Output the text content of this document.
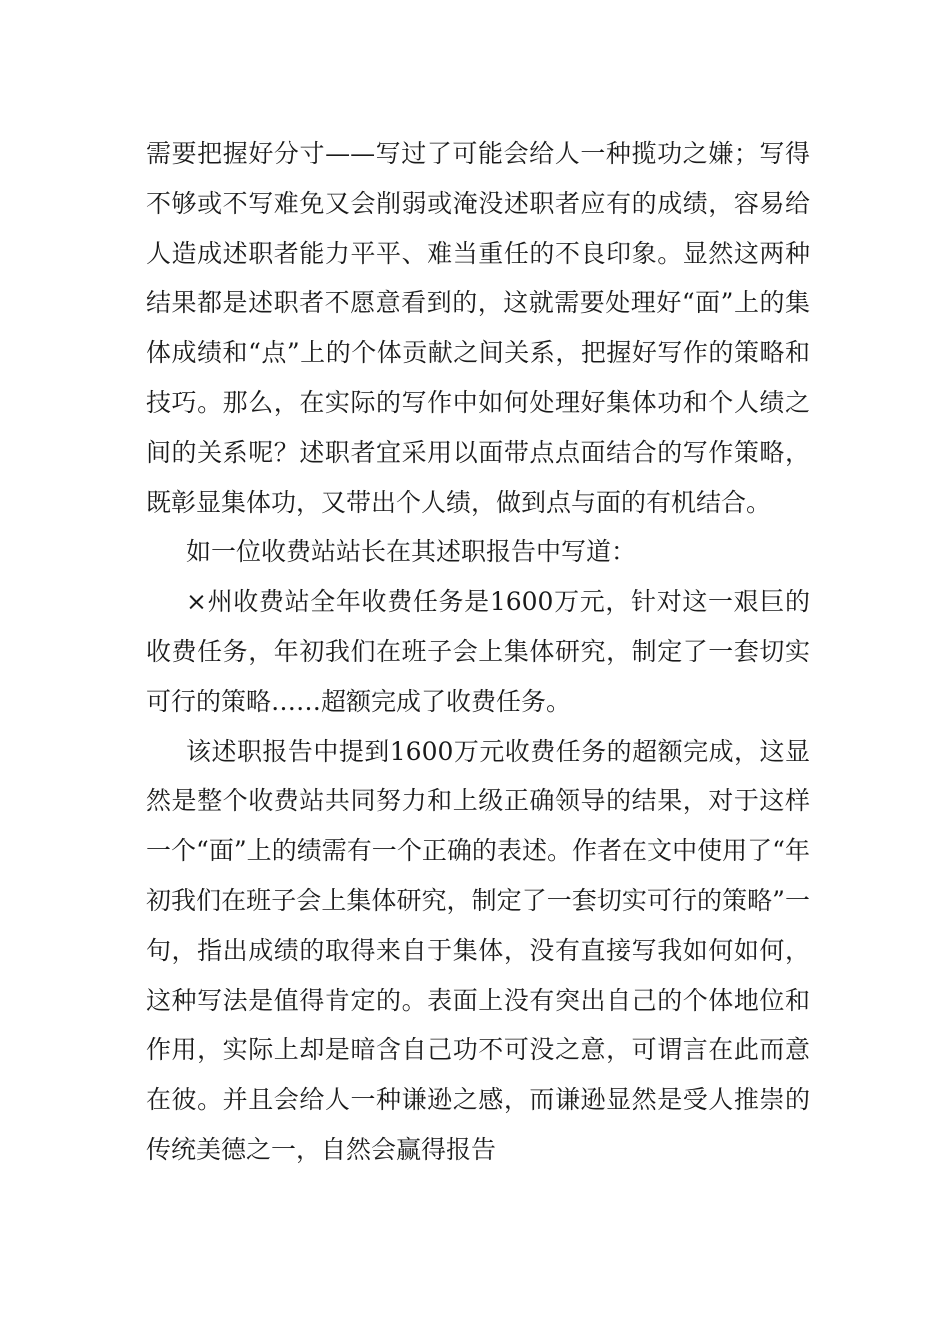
需要把握好分寸——写过了可能会给人一种揽功之嫌；写得不够或不写难免又会削弱或淹没述职者应有的成绩，容易给人造成述职者能力平平、难当重任的不良印象。显然这两种结果都是述职者不愿意看到的，这就需要处理好“面”上的集体成绩和“点”上的个体贡献之间关系，把握好写作的策略和技巧。那么，在实际的写作中如何处理好集体功和个人绩之间的关系呢？述职者宜采用以面带点点面结合的写作策略，既彰显集体功，又带出个人绩，做到点与面的有机结合。

如一位收费站站长在其述职报告中写道：

×州收费站全年收费任务是1600万元，针对这一艰巨的收费任务，年初我们在班子会上集体研究，制定了一套切实可行的策略……超额完成了收费任务。

该述职报告中提到1600万元收费任务的超额完成，这显然是整个收费站共同努力和上级正确领导的结果，对于这样一个“面”上的绩需有一个正确的表述。作者在文中使用了“年初我们在班子会上集体研究，制定了一套切实可行的策略”一句，指出成绩的取得来自于集体，没有直接写我如何如何，这种写法是值得肯定的。表面上没有突出自己的个体地位和作用，实际上却是暗含自己功不可没之意，可谓言在此而意在彼。并且会给人一种谦逊之感，而谦逊显然是受人推崇的传统美德之一，自然会赢得报告
